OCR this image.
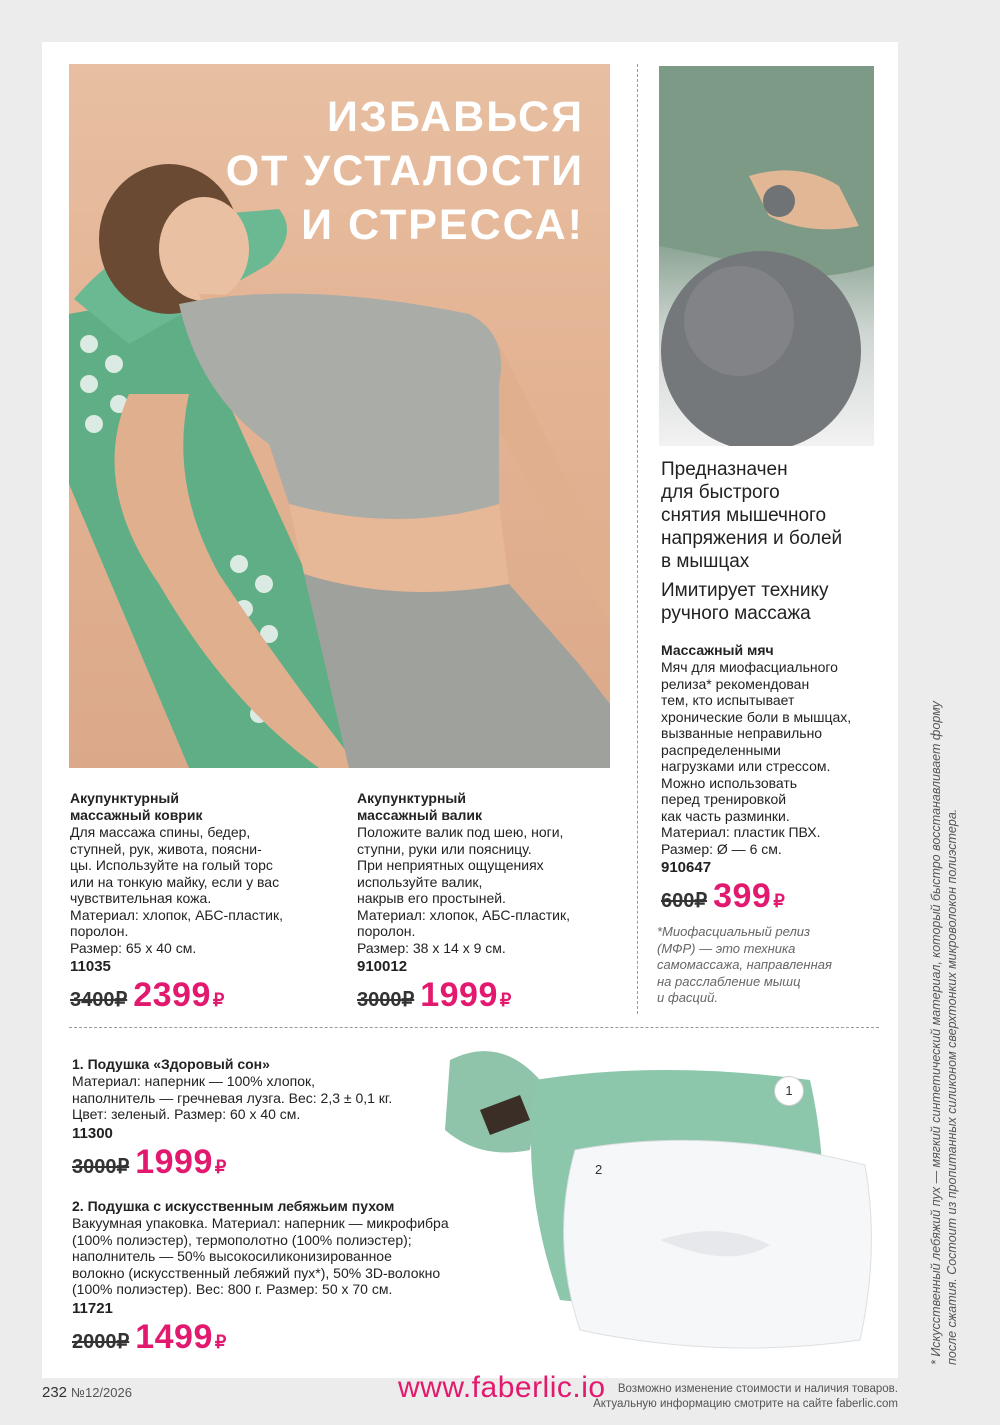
ИЗБАВЬСЯ
ОТ УСТАЛОСТИ
И СТРЕССА!
Предназначен
для быстрого
снятия мышечного
напряжения и болей
в мышцах
Имитирует технику
ручного массажа
Массажный мяч
Мяч для миофасциального
релиза* рекомендован
тем, кто испытывает
хронические боли в мышцах,
вызванные неправильно
распределенными
нагрузками или стрессом.
Можно использовать
перед тренировкой
как часть разминки.
Материал: пластик ПВХ.
Размер: Ø — 6 см.
910647
600₽ 399 ₽
*Миофасциальный релиз
(МФР) — это техника
самомассажа, направленная
на расслабление мышц
и фасций.
Акупунктурный
массажный коврик
Для массажа спины, бедер,
ступней, рук, живота, поясни-
цы. Используйте на голый торс
или на тонкую майку, если у вас
чувствительная кожа.
Материал: хлопок, АБС-пластик,
поролон.
Размер: 65 х 40 см.
11035
3400₽ 2399 ₽
Акупунктурный
массажный валик
Положите валик под шею, ноги,
ступни, руки или поясницу.
При неприятных ощущениях
используйте валик,
накрыв его простыней.
Материал: хлопок, АБС-пластик,
поролон.
Размер: 38 х 14 х 9 см.
910012
3000₽ 1999 ₽
1. Подушка «Здоровый сон»
Материал: наперник — 100% хлопок,
наполнитель — гречневая лузга. Вес: 2,3 ± 0,1 кг.
Цвет: зеленый. Размер: 60 х 40 см.
11300
3000₽ 1999 ₽
2. Подушка с искусственным лебяжьим пухом
Вакуумная упаковка. Материал: наперник — микрофибра
(100% полиэстер), термополотно (100% полиэстер);
наполнитель — 50% высокосиликонизированное
волокно (искусственный лебяжий пух*), 50% 3D-волокно
(100% полиэстер). Вес: 800 г. Размер: 50 х 70 см.
11721
2000₽ 1499 ₽
1
2	* Искусственный лебяжий пух — мягкий синтетический материал, который быстро восстанавливает форму после сжатия. Состоит из пропитанных силиконом сверхтонких микроволокон полиэстера.
232 №12/2026	Возможно изменение стоимости и наличия товаров.
Актуальную информацию смотрите на сайте faberlic.com
www.faberlic.io
